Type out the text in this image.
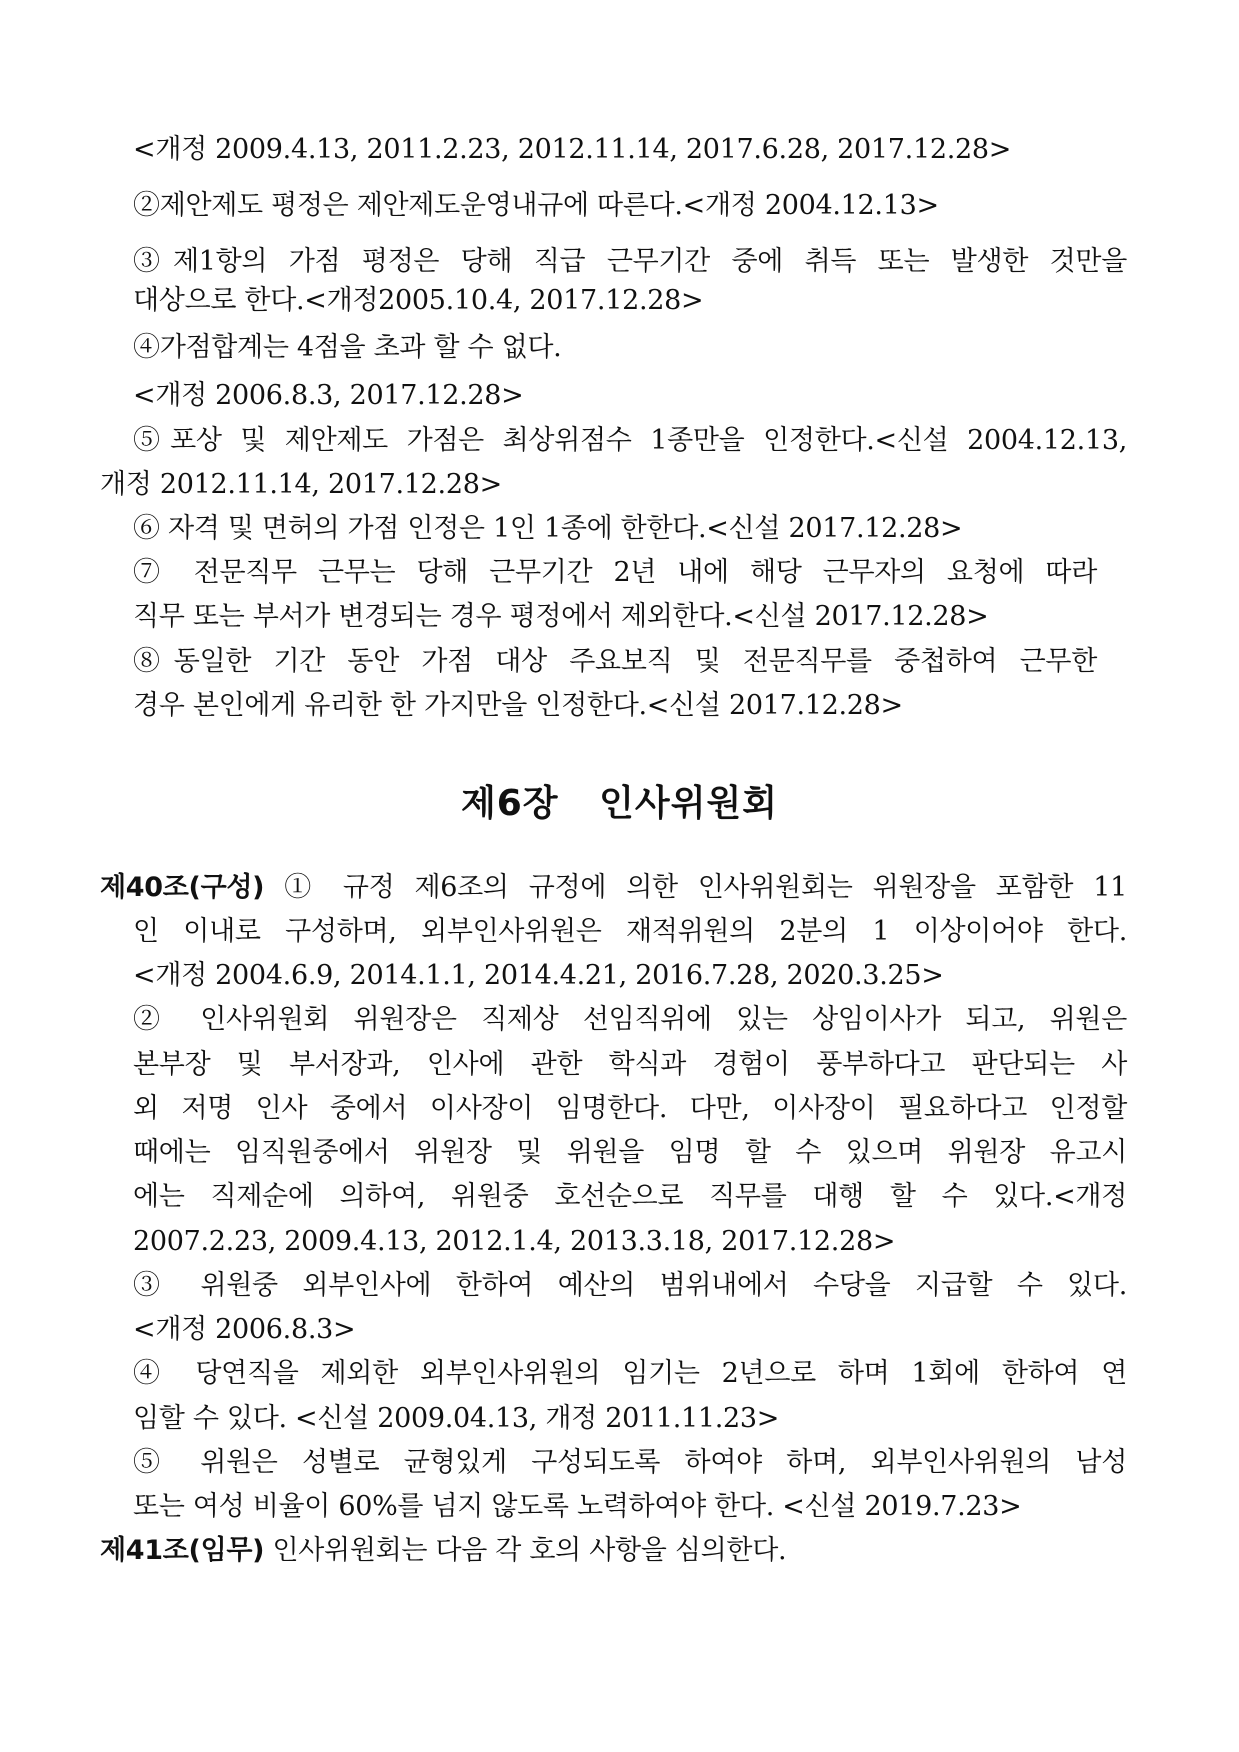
<개정 2009.4.13, 2011.2.23, 2012.11.14, 2017.6.28, 2017.12.28>
②제안제도 평정은 제안제도운영내규에 따른다.<개정 2004.12.13>
③제1항의 가점 평정은 당해 직급 근무기간 중에 취득 또는 발생한 것만을
대상으로 한다.<개정2005.10.4, 2017.12.28>
④가점합계는 4점을 초과 할 수 없다.
<개정 2006.8.3, 2017.12.28>
⑤포상 및 제안제도 가점은 최상위점수 1종만을 인정한다.<신설 2004.12.13,
개정 2012.11.14, 2017.12.28>
⑥ 자격 및 면허의 가점 인정은 1인 1종에 한한다.<신설 2017.12.28>
⑦ 전문직무 근무는 당해 근무기간 2년 내에 해당 근무자의 요청에 따라
직무 또는 부서가 변경되는 경우 평정에서 제외한다.<신설 2017.12.28>
⑧동일한 기간 동안 가점 대상 주요보직 및 전문직무를 중첩하여 근무한
경우 본인에게 유리한 한 가지만을 인정한다.<신설 2017.12.28>
제6장   인사위원회
제40조(구성) ① 규정 제6조의 규정에 의한 인사위원회는 위원장을 포함한 11
인 이내로 구성하며, 외부인사위원은 재적위원의 2분의 1 이상이어야 한다.
<개정 2004.6.9, 2014.1.1, 2014.4.21, 2016.7.28, 2020.3.25>
② 인사위원회 위원장은 직제상 선임직위에 있는 상임이사가 되고, 위원은
본부장 및 부서장과, 인사에 관한 학식과 경험이 풍부하다고 판단되는 사
외 저명 인사 중에서 이사장이 임명한다. 다만, 이사장이 필요하다고 인정할
때에는 임직원중에서 위원장 및 위원을 임명 할 수 있으며 위원장 유고시
에는 직제순에 의하여, 위원중 호선순으로 직무를 대행 할 수 있다.<개정
2007.2.23, 2009.4.13, 2012.1.4, 2013.3.18, 2017.12.28>
③ 위원중 외부인사에 한하여 예산의 범위내에서 수당을 지급할 수 있다.
<개정 2006.8.3>
④ 당연직을 제외한 외부인사위원의 임기는 2년으로 하며 1회에 한하여 연
임할 수 있다. <신설 2009.04.13, 개정 2011.11.23>
⑤ 위원은 성별로 균형있게 구성되도록 하여야 하며, 외부인사위원의 남성
또는 여성 비율이 60%를 넘지 않도록 노력하여야 한다. <신설 2019.7.23>
제41조(임무) 인사위원회는 다음 각 호의 사항을 심의한다.
